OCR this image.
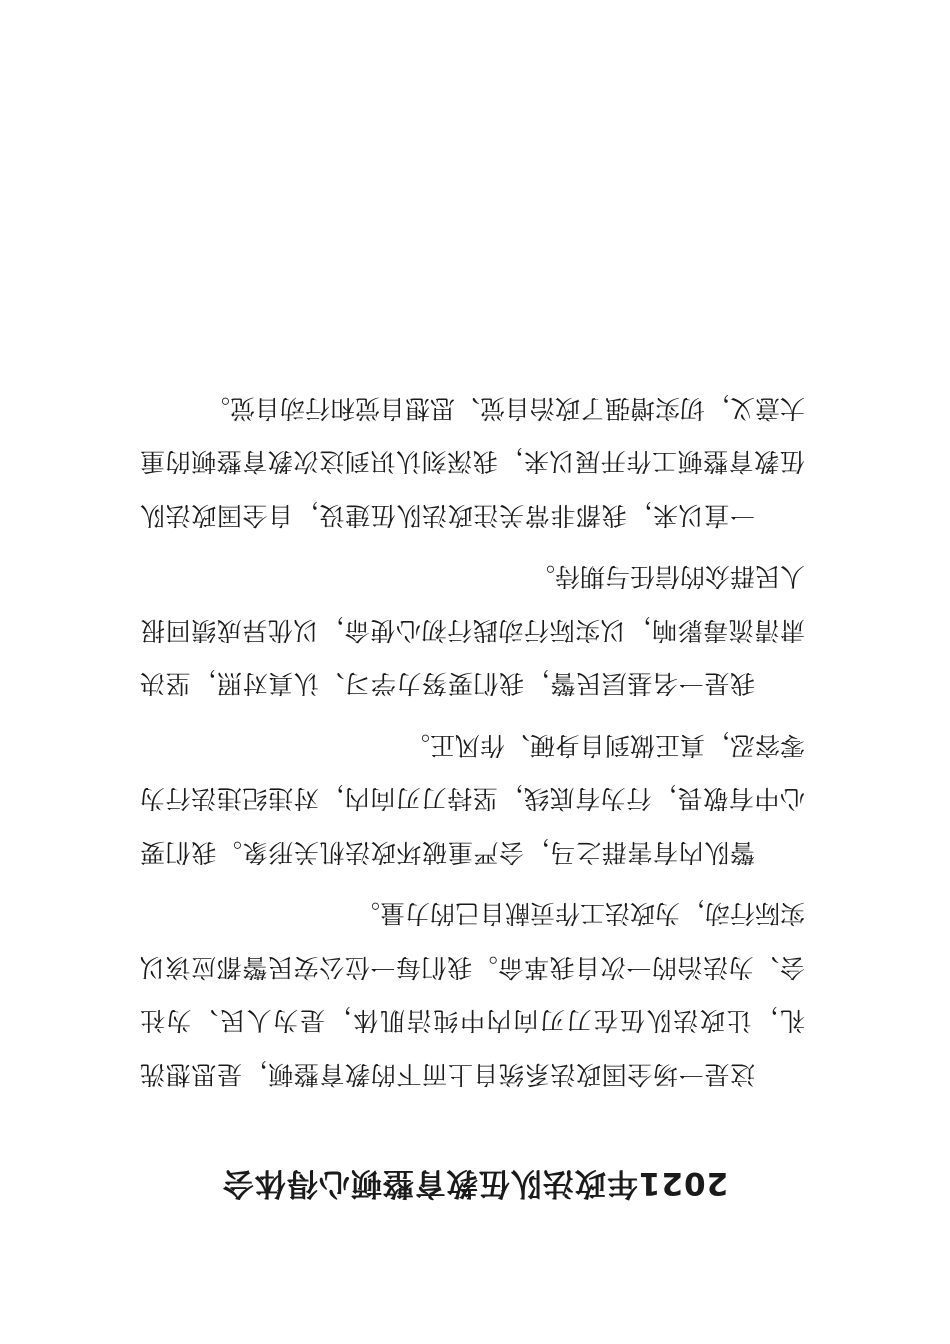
2021年政法队伍教育整顿心得体会

这是一场全国政法系统自上而下的教育整顿，是思想洗礼，让政法队伍在刀刃向内中纯洁肌体，是为人民、为社会、为法治的一次自我革命。我们每一位公安民警都应该以实际行动，为政法工作贡献自己的力量。

警队内有害群之马，会严重破坏政法机关形象。我们要心中有敬畏，行为有底线，坚持刀刃向内，对违纪违法行为零容忍，真正做到自身硬、作风正。

我是一名基层民警，我们要努力学习、认真对照，坚决肃清流毒影响，以实际行动践行初心使命，以优异成绩回报人民群众的信任与期待。

一直以来，我都非常关注政法队伍建设，自全国政法队伍教育整顿工作开展以来，我深刻认识到这次教育整顿的重大意义，切实增强了政治自觉、思想自觉和行动自觉。
